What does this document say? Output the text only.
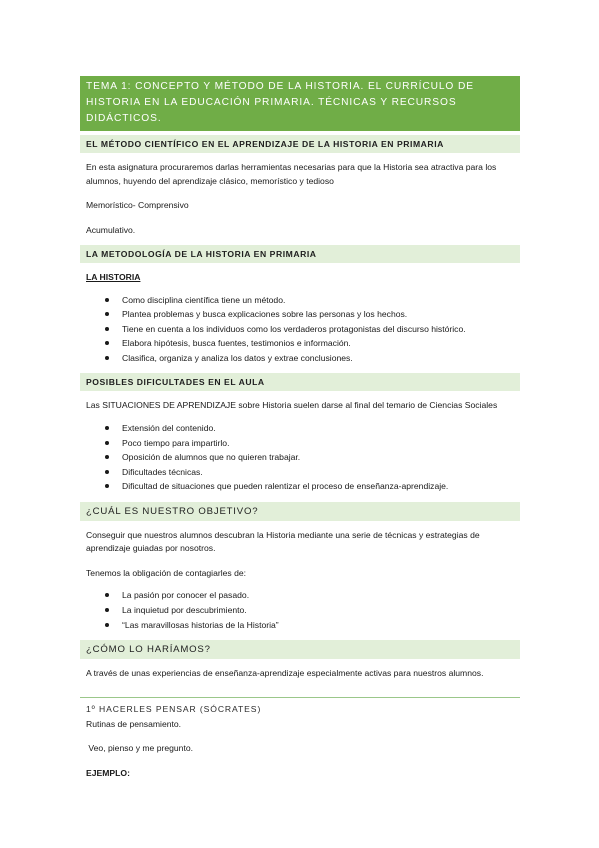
TEMA 1: CONCEPTO Y MÉTODO DE LA HISTORIA. EL CURRÍCULO DE HISTORIA EN LA EDUCACIÓN PRIMARIA. TÉCNICAS Y RECURSOS DIDÁCTICOS.
EL MÉTODO CIENTÍFICO EN EL APRENDIZAJE DE LA HISTORIA EN PRIMARIA

En esta asignatura procuraremos darlas herramientas necesarias para que la Historia sea atractiva para los alumnos, huyendo del aprendizaje clásico, memorístico y tedioso

Memorístico- Comprensivo

Acumulativo.

LA METODOLOGÍA DE LA HISTORIA EN PRIMARIA

LA HISTORIA

Como disciplina científica tiene un método.
Plantea problemas y busca explicaciones sobre las personas y los hechos.
Tiene en cuenta a los individuos como los verdaderos protagonistas del discurso histórico.
Elabora hipótesis, busca fuentes, testimonios e información.
Clasifica, organiza y analiza los datos y extrae conclusiones.
POSIBLES DIFICULTADES EN EL AULA

Las SITUACIONES DE APRENDIZAJE sobre Historia suelen darse al final del temario de Ciencias Sociales

Extensión del contenido.
Poco tiempo para impartirlo.
Oposición de alumnos que no quieren trabajar.
Dificultades técnicas.
Dificultad de situaciones que pueden ralentizar el proceso de enseñanza-aprendizaje.
¿CUÁL ES NUESTRO OBJETIVO?

Conseguir que nuestros alumnos descubran la Historia mediante una serie de técnicas y estrategias de aprendizaje guiadas por nosotros.

Tenemos la obligación de contagiarles de:

La pasión por conocer el pasado.
La inquietud por descubrimiento.
“Las maravillosas historias de la Historia”
¿CÓMO LO HARÍAMOS?

A través de unas experiencias de enseñanza-aprendizaje especialmente activas para nuestros alumnos.

1º HACERLES PENSAR (SÓCRATES)

Rutinas de pensamiento.

Veo, pienso y me pregunto.

EJEMPLO:
